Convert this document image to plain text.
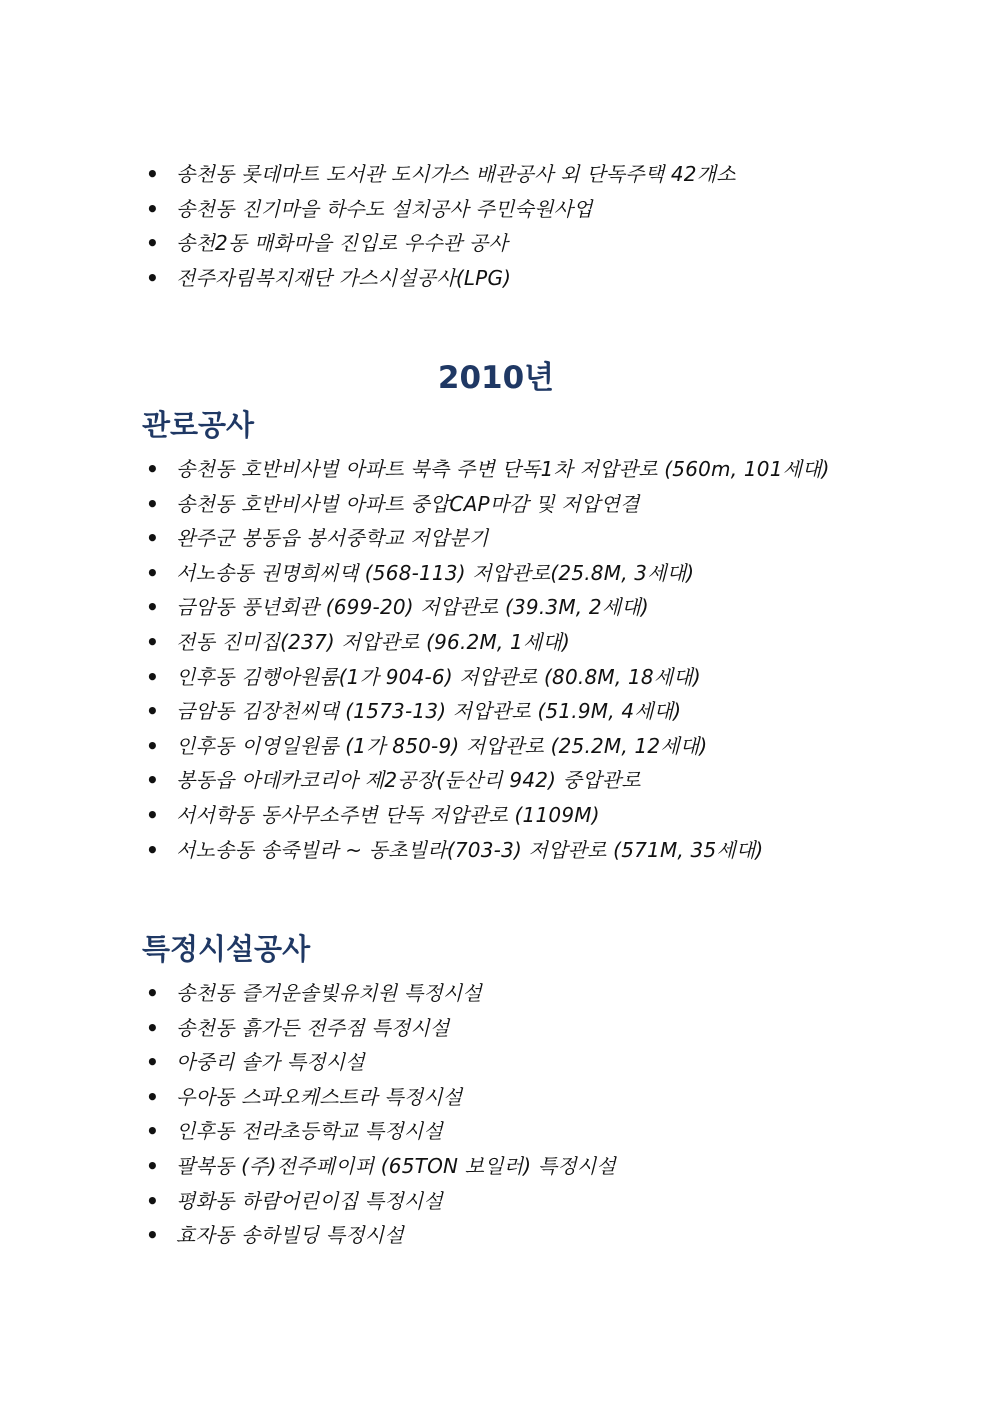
• 송천동 롯데마트 도서관 도시가스 배관공사 외 단독주택 42개소
• 송천동 진기마을 하수도 설치공사 주민숙원사업
• 송천2동 매화마을 진입로 우수관 공사
• 전주자림복지재단 가스시설공사(LPG)
2010년
관로공사
• 송천동 호반비사벌 아파트 북측 주변 단독1차 저압관로 (560m, 101세대)
• 송천동 호반비사벌 아파트 중압CAP마감 및 저압연결
• 완주군 봉동읍 봉서중학교 저압분기
• 서노송동 권명희씨댁 (568-113) 저압관로(25.8M, 3세대)
• 금암동 풍년회관 (699-20) 저압관로 (39.3M, 2세대)
• 전동 진미집(237) 저압관로 (96.2M, 1세대)
• 인후동 김행아원룸(1가 904-6) 저압관로 (80.8M, 18세대)
• 금암동 김장천씨댁 (1573-13) 저압관로 (51.9M, 4세대)
• 인후동 이영일원룸 (1가 850-9) 저압관로 (25.2M, 12세대)
• 봉동읍 아데카코리아 제2공장(둔산리 942) 중압관로
• 서서학동 동사무소주변 단독 저압관로 (1109M)
• 서노송동 송죽빌라 ~ 동초빌라(703-3) 저압관로 (571M, 35세대)
특정시설공사
• 송천동 즐거운솔빛유치원 특정시설
• 송천동 흙가든 전주점 특정시설
• 아중리 솔가 특정시설
• 우아동 스파오케스트라 특정시설
• 인후동 전라초등학교 특정시설
• 팔복동 (주)전주페이퍼 (65TON 보일러) 특정시설
• 평화동 하람어린이집 특정시설
• 효자동 송하빌딩 특정시설
